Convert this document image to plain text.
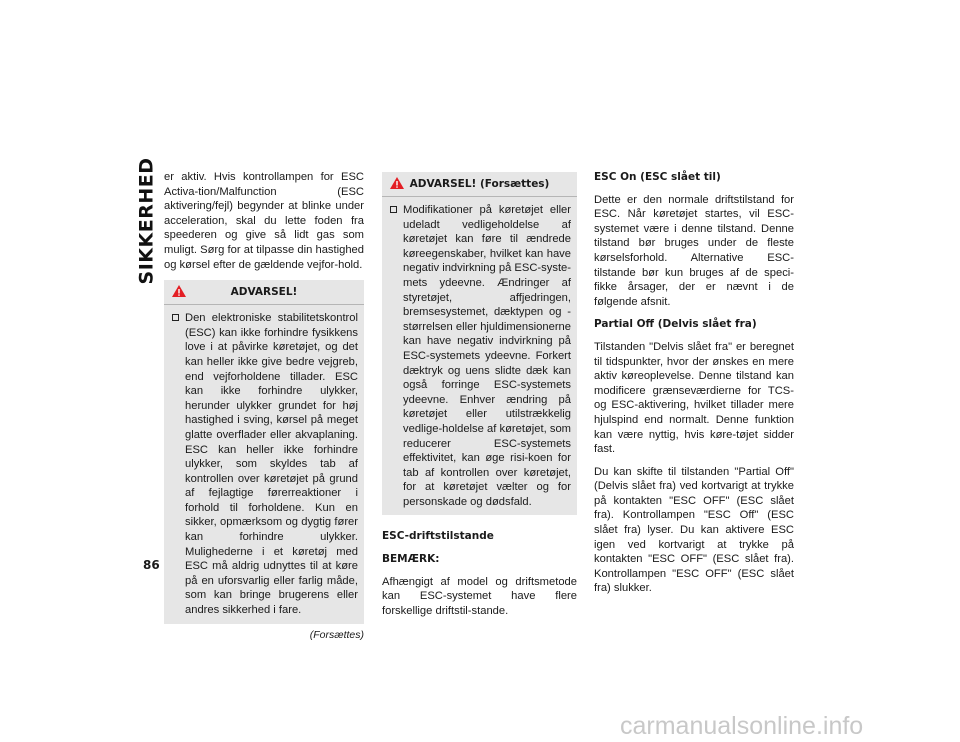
SIKKERHED
86

er aktiv. Hvis kontrollampen for ESC Activa-tion/Malfunction (ESC aktivering/fejl) begynder at blinke under acceleration, skal du lette foden fra speederen og give så lidt gas som muligt. Sørg for at tilpasse din hastighed og kørsel efter de gældende vejfor-hold.

ADVARSEL!
Den elektroniske stabilitetskontrol (ESC) kan ikke forhindre fysikkens love i at påvirke køretøjet, og det kan heller ikke give bedre vejgreb, end vejforholdene tillader. ESC kan ikke forhindre ulykker, herunder ulykker grundet for høj hastighed i sving, kørsel på meget glatte overflader eller akvaplaning. ESC kan heller ikke forhindre ulykker, som skyldes tab af kontrollen over køretøjet på grund af fejlagtige førerreaktioner i forhold til forholdene. Kun en sikker, opmærksom og dygtig fører kan forhindre ulykker. Mulighederne i et køretøj med ESC må aldrig udnyttes til at køre på en uforsvarlig eller farlig måde, som kan bringe brugerens eller andres sikkerhed i fare.
(Forsættes)
ADVARSEL! (Forsættes)
Modifikationer på køretøjet eller udeladt vedligeholdelse af køretøjet kan føre til ændrede køreegenskaber, hvilket kan have negativ indvirkning på ESC-syste-mets ydeevne. Ændringer af styretøjet, affjedringen, bremsesystemet, dæktypen og -størrelsen eller hjuldimensionerne kan have negativ indvirkning på ESC-systemets ydeevne. Forkert dæktryk og uens slidte dæk kan også forringe ESC-systemets ydeevne. Enhver ændring på køretøjet eller utilstrækkelig vedlige-holdelse af køretøjet, som reducerer ESC-systemets effektivitet, kan øge risi-koen for tab af kontrollen over køretøjet, for at køretøjet vælter og for personskade og dødsfald.

ESC-driftstilstande

BEMÆRK:

Afhængigt af model og driftsmetode kan ESC-systemet have flere forskellige driftstil-stande.

ESC On (ESC slået til)

Dette er den normale driftstilstand for ESC. Når køretøjet startes, vil ESC-systemet være i denne tilstand. Denne tilstand bør bruges under de fleste kørselsforhold. Alternative ESC-tilstande bør kun bruges af de speci-fikke årsager, der er nævnt i de følgende afsnit.

Partial Off (Delvis slået fra)

Tilstanden "Delvis slået fra" er beregnet til tidspunkter, hvor der ønskes en mere aktiv køreoplevelse. Denne tilstand kan modificere grænseværdierne for TCS- og ESC-aktivering, hvilket tillader mere hjulspind end normalt. Denne funktion kan være nyttig, hvis køre-tøjet sidder fast.

Du kan skifte til tilstanden "Partial Off" (Delvis slået fra) ved kortvarigt at trykke på kontakten "ESC OFF" (ESC slået fra). Kontrollampen "ESC Off" (ESC slået fra) lyser. Du kan aktivere ESC igen ved kortvarigt at trykke på kontakten "ESC OFF" (ESC slået fra). Kontrollampen "ESC OFF" (ESC slået fra) slukker.

carmanualsonline.info
